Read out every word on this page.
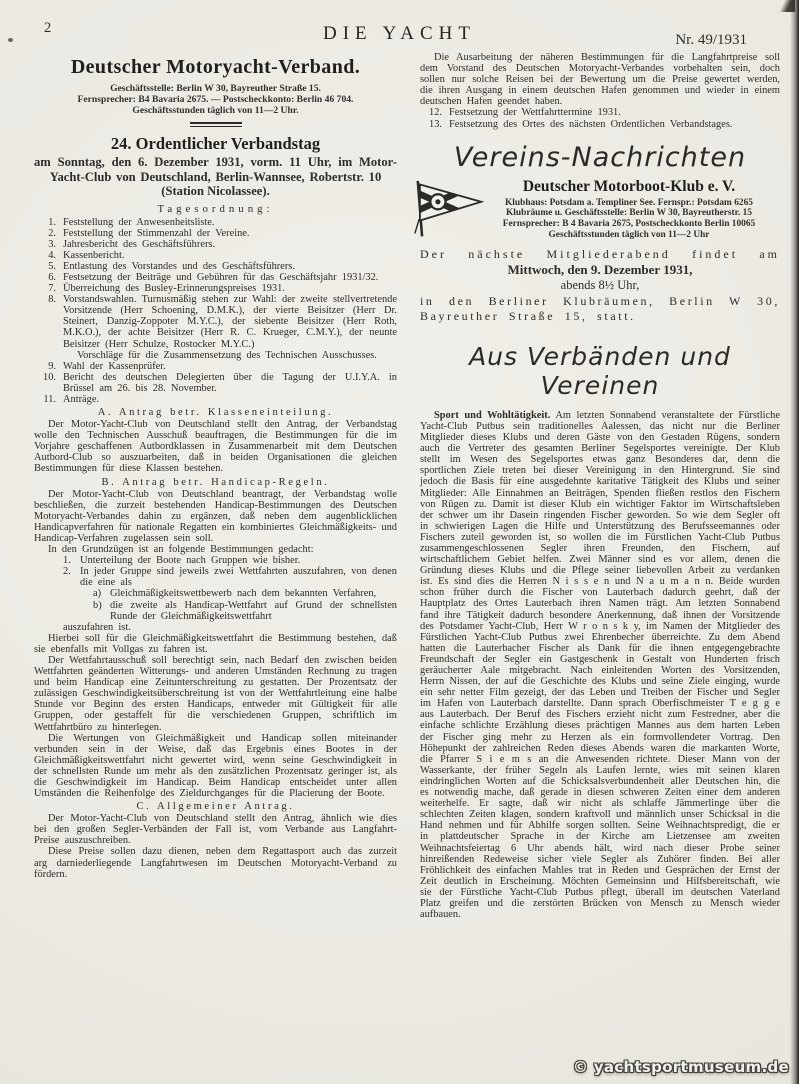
2	DIE YACHT	Nr. 49/1931
Deutscher Motoryacht-Verband.
Geschäftsstelle: Berlin W 30, Bayreuther Straße 15.
Fernsprecher: B4 Bavaria 2675. — Postscheckkonto: Berlin 46 704.
Geschäftsstunden täglich von 11—2 Uhr.
24. Ordentlicher Verbandstag
am Sonntag, den 6. Dezember 1931, vorm. 11 Uhr, im Motor-Yacht-Club von Deutschland, Berlin-Wannsee, Robertstr. 10
(Station Nicolassee).
Tagesordnung:
1. Feststellung der Anwesenheitsliste.
2. Feststellung der Stimmenzahl der Vereine.
3. Jahresbericht des Geschäftsführers.
4. Kassenbericht.
5. Entlastung des Vorstandes und des Geschäftsführers.
6. Festsetzung der Beiträge und Gebühren für das Geschäftsjahr 1931/32.
7. Überreichung des Busley-Erinnerungspreises 1931.
8. Vorstandswahlen. Turnusmäßig stehen zur Wahl: der zweite stellvertretende Vorsitzende (Herr Schoening, D.M.K.), der vierte Beisitzer (Herr Dr. Steinert, Danzig-Zoppoter M.Y.C.), der siebente Beisitzer (Herr Roth, M.K.O.), der achte Beisitzer (Herr R. C. Krueger, C.M.Y.), der neunte Beisitzer (Herr Schulze, Rostocker M.Y.C.)
Vorschläge für die Zusammensetzung des Technischen Ausschusses.
9. Wahl der Kassenprüfer.
10. Bericht des deutschen Delegierten über die Tagung der U.I.Y.A. in Brüssel am 26. bis 28. November.
11. Anträge.
A. Antrag betr. Klasseneinteilung.

Der Motor-Yacht-Club von Deutschland stellt den Antrag, der Verbandstag wolle den Technischen Ausschuß beauftragen, die Bestimmungen für die im Vorjahre geschaffenen Autbordklassen in Zusammenarbeit mit dem Deutschen Autbord-Club so auszuarbeiten, daß in beiden Organisationen die gleichen Bestimmungen für diese Klassen bestehen.

B. Antrag betr. Handicap-Regeln.

Der Motor-Yacht-Club von Deutschland beantragt, der Verbandstag wolle beschließen, die zurzeit bestehenden Handicap-Bestimmungen des Deutschen Motoryacht-Verbandes dahin zu ergänzen, daß neben dem augenblicklichen Handicapverfahren für nationale Regatten ein kombiniertes Gleichmäßigkeits- und Handicap-Verfahren zugelassen sein soll.

In den Grundzügen ist an folgende Bestimmungen gedacht:

1. Unterteilung der Boote nach Gruppen wie bisher.
2. In jeder Gruppe sind jeweils zwei Wettfahrten auszufahren, von denen die eine als
a) Gleichmäßigkeitswettbewerb nach dem bekannten Verfahren,
b) die zweite als Handicap-Wettfahrt auf Grund der schnellsten Runde der Gleichmäßigkeitswettfahrt
auszufahren ist.

Hierbei soll für die Gleichmäßigkeitswettfahrt die Bestimmung bestehen, daß sie ebenfalls mit Vollgas zu fahren ist.

Der Wettfahrtausschuß soll berechtigt sein, nach Bedarf den zwischen beiden Wettfahrten geänderten Witterungs- und anderen Umständen Rechnung zu tragen und beim Handicap eine Zeitunterschreitung zu gestatten. Der Prozentsatz der zulässigen Geschwindigkeitsüberschreitung ist von der Wettfahrtleitung eine halbe Stunde vor Beginn des ersten Handicaps, entweder mit Gültigkeit für alle Gruppen, oder gestaffelt für die verschiedenen Gruppen, schriftlich im Wettfahrtbüro zu hinterlegen.

Die Wertungen von Gleichmäßigkeit und Handicap sollen miteinander verbunden sein in der Weise, daß das Ergebnis eines Bootes in der Gleichmäßigkeitswettfahrt nicht gewertet wird, wenn seine Geschwindigkeit in der schnellsten Runde um mehr als den zusätzlichen Prozentsatz geringer ist, als die Geschwindigkeit im Handicap. Beim Handicap entscheidet unter allen Umständen die Reihenfolge des Zieldurchganges für die Placierung der Boote.

C. Allgemeiner Antrag.

Der Motor-Yacht-Club von Deutschland stellt den Antrag, ähnlich wie dies bei den großen Segler-Verbänden der Fall ist, vom Verbande aus Langfahrt-Preise auszuschreiben.

Diese Preise sollen dazu dienen, neben dem Regattasport auch das zurzeit arg darniederliegende Langfahrtwesen im Deutschen Motoryacht-Verband zu fördern.

Die Ausarbeitung der näheren Bestimmungen für die Langfahrtpreise soll dem Vorstand des Deutschen Motoryacht-Verbandes vorbehalten sein, doch sollen nur solche Reisen bei der Bewertung um die Preise gewertet werden, die ihren Ausgang in einem deutschen Hafen genommen und wieder in einem deutschen Hafen geendet haben.

12. Festsetzung der Wettfahrttermine 1931.
13. Festsetzung des Ortes des nächsten Ordentlichen Verbandstages.
Vereins-Nachrichten
Deutscher Motorboot-Klub e. V.
Klubhaus: Potsdam a. Templiner See. Fernspr.: Potsdam 6265
Klubräume u. Geschäftsstelle: Berlin W 30, Bayreutherstr. 15
Fernsprecher: B 4 Bavaria 2675, Postscheckkonto Berlin 10065
Geschäftsstunden täglich von 11—2 Uhr
Der nächste Mitgliederabend findet am
Mittwoch, den 9. Dezember 1931,
abends 8½ Uhr,
in den Berliner Klubräumen, Berlin W 30, Bayreuther Straße 15, statt.
Aus Verbänden und Vereinen

Sport und Wohltätigkeit. Am letzten Sonnabend veranstaltete der Fürstliche Yacht-Club Putbus sein traditionelles Aalessen, das nicht nur die Berliner Mitglieder dieses Klubs und deren Gäste von den Gestaden Rügens, sondern auch die Vertreter des gesamten Berliner Segelsportes vereinigte. Der Klub stellt im Wesen des Segelsportes etwas ganz Besonderes dar, denn die sportlichen Ziele treten bei dieser Vereinigung in den Hintergrund. Sie sind jedoch die Basis für eine ausgedehnte karitative Tätigkeit des Klubs und seiner Mitglieder: Alle Einnahmen an Beiträgen, Spenden fließen restlos den Fischern von Rügen zu. Damit ist dieser Klub ein wichtiger Faktor im Wirtschaftsleben der schwer um ihr Dasein ringenden Fischer geworden. So wie dem Segler oft in schwierigen Lagen die Hilfe und Unterstützung des Berufsseemannes oder Fischers zuteil geworden ist, so wollen die im Fürstlichen Yacht-Club Putbus zusammengeschlossenen Segler ihren Freunden, den Fischern, auf wirtschaftlichem Gebiet helfen. Zwei Männer sind es vor allem, denen die Gründung dieses Klubs und die Pflege seiner liebevollen Arbeit zu verdanken ist. Es sind dies die Herren N i s s e n und N a u m a n n. Beide wurden schon früher durch die Fischer von Lauterbach dadurch geehrt, daß der Hauptplatz des Ortes Lauterbach ihren Namen trägt. Am letzten Sonnabend fand ihre Tätigkeit dadurch besondere Anerkennung, daß ihnen der Vorsitzende des Potsdamer Yacht-Club, Herr W r o n s k y, im Namen der Mitglieder des Fürstlichen Yacht-Club Putbus zwei Ehrenbecher überreichte. Zu dem Abend hatten die Lauterbacher Fischer als Dank für die ihnen entgegengebrachte Freundschaft der Segler ein Gastgeschenk in Gestalt von Hunderten frisch geräucherter Aale mitgebracht. Nach einleitenden Worten des Vorsitzenden, Herrn Nissen, der auf die Geschichte des Klubs und seine Ziele einging, wurde ein sehr netter Film gezeigt, der das Leben und Treiben der Fischer und Segler im Hafen von Lauterbach darstellte. Dann sprach Oberfischmeister T e g g e aus Lauterbach. Der Beruf des Fischers erzieht nicht zum Festredner, aber die einfache schlichte Erzählung dieses prächtigen Mannes aus dem harten Leben der Fischer ging mehr zu Herzen als ein formvollendeter Vortrag. Den Höhepunkt der zahlreichen Reden dieses Abends waren die markanten Worte, die Pfarrer S i e m s an die Anwesenden richtete. Dieser Mann von der Wasserkante, der früher Segeln als Laufen lernte, wies mit seinen klaren eindringlichen Worten auf die Schicksalsverbundenheit aller Deutschen hin, die es notwendig mache, daß gerade in diesen schweren Zeiten einer dem anderen weiterhelfe. Er sagte, daß wir nicht als schlaffe Jämmerlinge über die schlechten Zeiten klagen, sondern kraftvoll und männlich unser Schicksal in die Hand nehmen und für Abhilfe sorgen sollten. Seine Weihnachtspredigt, die er in plattdeutscher Sprache in der Kirche am Lietzensee am zweiten Weihnachtsfeiertag 6 Uhr abends hält, wird nach dieser Probe seiner hinreißenden Redeweise sicher viele Segler als Zuhörer finden. Bei aller Fröhlichkeit des einfachen Mahles trat in Reden und Gesprächen der Ernst der Zeit deutlich in Erscheinung. Möchten Gemeinsinn und Hilfsbereitschaft, wie sie der Fürstliche Yacht-Club Putbus pflegt, überall im deutschen Vaterland Platz greifen und die zerstörten Brücken von Mensch zu Mensch wieder aufbauen.

© yachtsportmuseum.de
